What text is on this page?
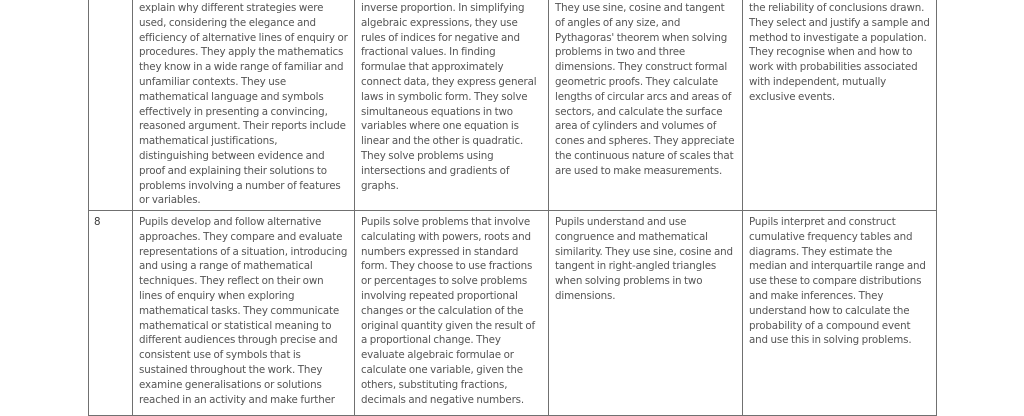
	explain why different strategies were used, considering the elegance and efficiency of alternative lines of enquiry or procedures. They apply the mathematics they know in a wide range of familiar and unfamiliar contexts. They use mathematical language and symbols effectively in presenting a convincing, reasoned argument. Their reports include mathematical justifications, distinguishing between evidence and proof and explaining their solutions to problems involving a number of features or variables.	inverse proportion. In simplifying algebraic expressions, they use rules of indices for negative and fractional values. In finding formulae that approximately connect data, they express general laws in symbolic form. They solve simultaneous equations in two variables where one equation is linear and the other is quadratic. They solve problems using intersections and gradients of graphs.	They use sine, cosine and tangent of angles of any size, and Pythagoras' theorem when solving problems in two and three dimensions. They construct formal geometric proofs. They calculate lengths of circular arcs and areas of sectors, and calculate the surface area of cylinders and volumes of cones and spheres. They appreciate the continuous nature of scales that are used to make measurements.	the reliability of conclusions drawn. They select and justify a sample and method to investigate a population. They recognise when and how to work with probabilities associated with independent, mutually exclusive events.
8	Pupils develop and follow alternative approaches. They compare and evaluate representations of a situation, introducing and using a range of mathematical techniques. They reflect on their own lines of enquiry when exploring mathematical tasks. They communicate mathematical or statistical meaning to different audiences through precise and consistent use of symbols that is sustained throughout the work. They examine generalisations or solutions reached in an activity and make further	Pupils solve problems that involve calculating with powers, roots and numbers expressed in standard form. They choose to use fractions or percentages to solve problems involving repeated proportional changes or the calculation of the original quantity given the result of a proportional change. They evaluate algebraic formulae or calculate one variable, given the others, substituting fractions, decimals and negative numbers.	Pupils understand and use congruence and mathematical similarity. They use sine, cosine and tangent in right-angled triangles when solving problems in two dimensions.	Pupils interpret and construct cumulative frequency tables and diagrams. They estimate the median and interquartile range and use these to compare distributions and make inferences. They understand how to calculate the probability of a compound event and use this in solving problems.
